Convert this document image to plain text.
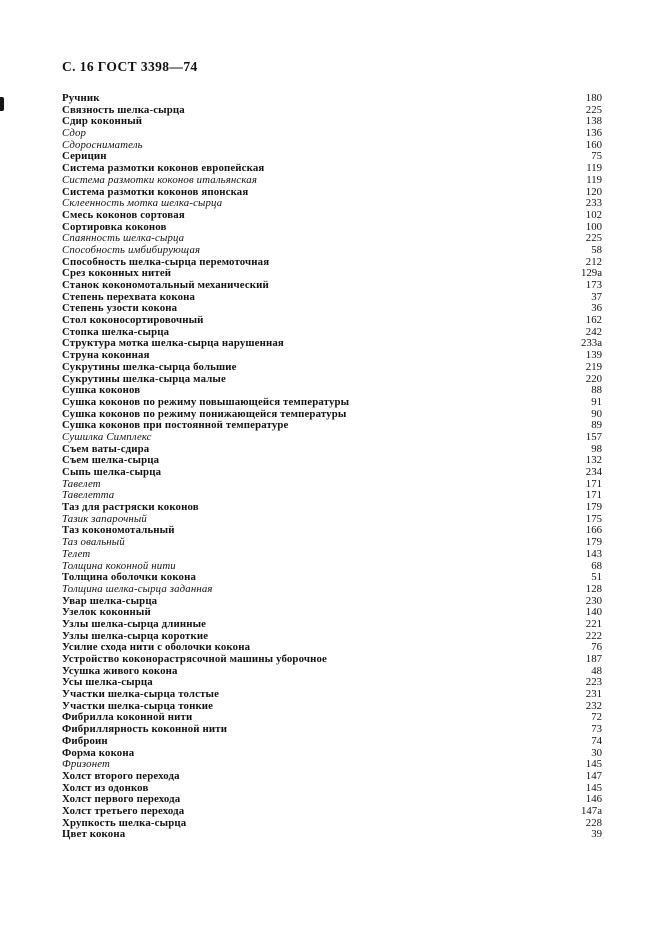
С. 16 ГОСТ 3398—74
Ручник	180
Связность шелка-сырца	225
Сдир коконный	138
Сдор	136
Сдоросниматель	160
Серицин	75
Система размотки коконов европейская	119
Система размотки коконов итальянская	119
Система размотки коконов японская	120
Склеенность мотка шелка-сырца	233
Смесь коконов сортовая	102
Сортировка коконов	100
Спаянность шелка-сырца	225
Способность имбибирующая	58
Способность шелка-сырца перемоточная	212
Срез коконных нитей	129а
Станок кокономотальный механический	173
Степень перехвата кокона	37
Степень узости кокона	36
Стол коконосортировочный	162
Стопка шелка-сырца	242
Структура мотка шелка-сырца нарушенная	233а
Струна коконная	139
Сукрутины шелка-сырца большие	219
Сукрутины шелка-сырца малые	220
Сушка коконов	88
Сушка коконов по режиму повышающейся температуры	91
Сушка коконов по режиму понижающейся температуры	90
Сушка коконов при постоянной температуре	89
Сушилка Симплекс	157
Съем ваты-сдира	98
Съем шелка-сырца	132
Сыпь шелка-сырца	234
Тавелет	171
Тавелетта	171
Таз для растряски коконов	179
Тазик запарочный	175
Таз кокономотальный	166
Таз овальный	179
Телет	143
Толщина коконной нити	68
Толщина оболочки кокона	51
Толщина шелка-сырца заданная	128
Увар шелка-сырца	230
Узелок коконный	140
Узлы шелка-сырца длинные	221
Узлы шелка-сырца короткие	222
Усилие схода нити с оболочки кокона	76
Устройство коконорастрясочной машины уборочное	187
Усушка живого кокона	48
Усы шелка-сырца	223
Участки шелка-сырца толстые	231
Участки шелка-сырца тонкие	232
Фибрилла коконной нити	72
Фибриллярность коконной нити	73
Фиброин	74
Форма кокона	30
Фризонет	145
Холст второго перехода	147
Холст из одонков	145
Холст первого перехода	146
Холст третьего перехода	147а
Хрупкость шелка-сырца	228
Цвет кокона	39
